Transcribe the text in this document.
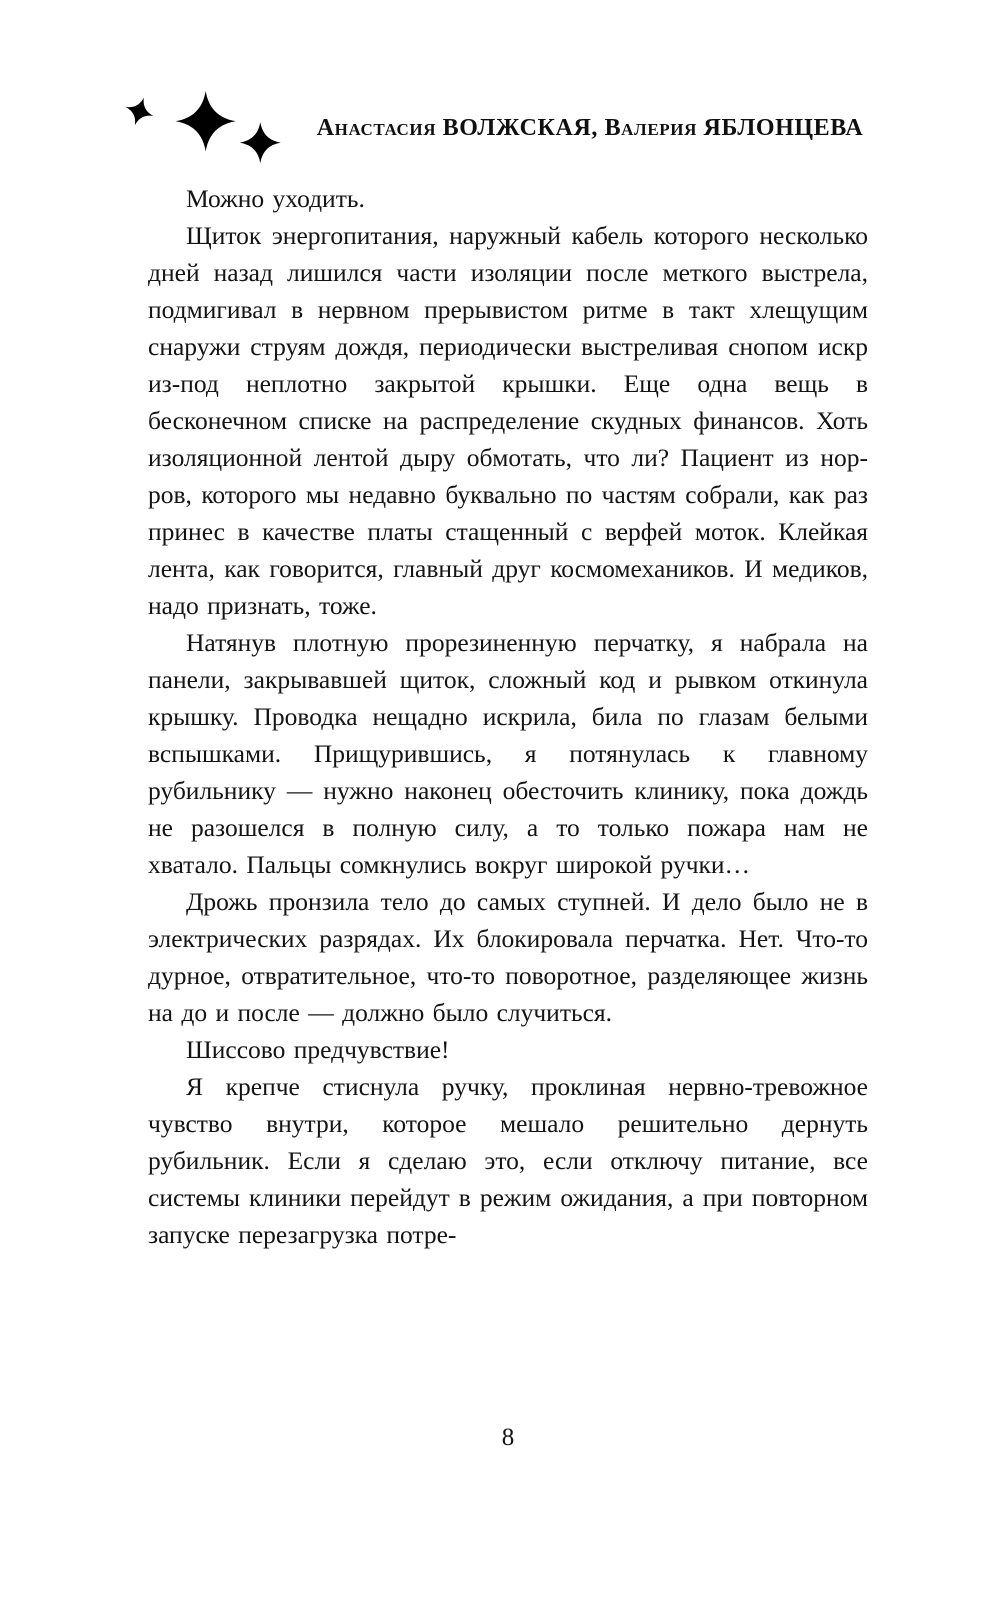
Анастасия ВОЛЖСКАЯ, Валерия ЯБЛОНЦЕВА

Можно уходить.

Щиток энергопитания, наружный кабель которого несколько дней назад лишился части изоляции после меткого выстрела, подмигивал в нервном прерывистом ритме в такт хлещущим снаружи струям дождя, периодически выстреливая снопом искр из-под неплотно закрытой крышки. Еще одна вещь в бесконечном списке на распределение скудных финансов. Хоть изоляционной лентой дыру обмотать, что ли? Пациент из нор-ров, которого мы недавно буквально по частям собрали, как раз принес в качестве платы стащенный с верфей моток. Клейкая лента, как говорится, главный друг космомехаников. И медиков, надо признать, тоже.

Натянув плотную прорезиненную перчатку, я набрала на панели, закрывавшей щиток, сложный код и рывком откинула крышку. Проводка нещадно искрила, била по глазам белыми вспышками. Прищурившись, я потянулась к главному рубильнику — нужно наконец обесточить клинику, пока дождь не разошелся в полную силу, а то только пожара нам не хватало. Пальцы сомкнулись вокруг широкой ручки…

Дрожь пронзила тело до самых ступней. И дело было не в электрических разрядах. Их блокировала перчатка. Нет. Что-то дурное, отвратительное, что-то поворотное, разделяющее жизнь на до и после — должно было случиться.

Шиссово предчувствие!

Я крепче стиснула ручку, проклиная нервно-тревожное чувство внутри, которое мешало решительно дернуть рубильник. Если я сделаю это, если отключу питание, все системы клиники перейдут в режим ожидания, а при повторном запуске перезагрузка потре-

8
